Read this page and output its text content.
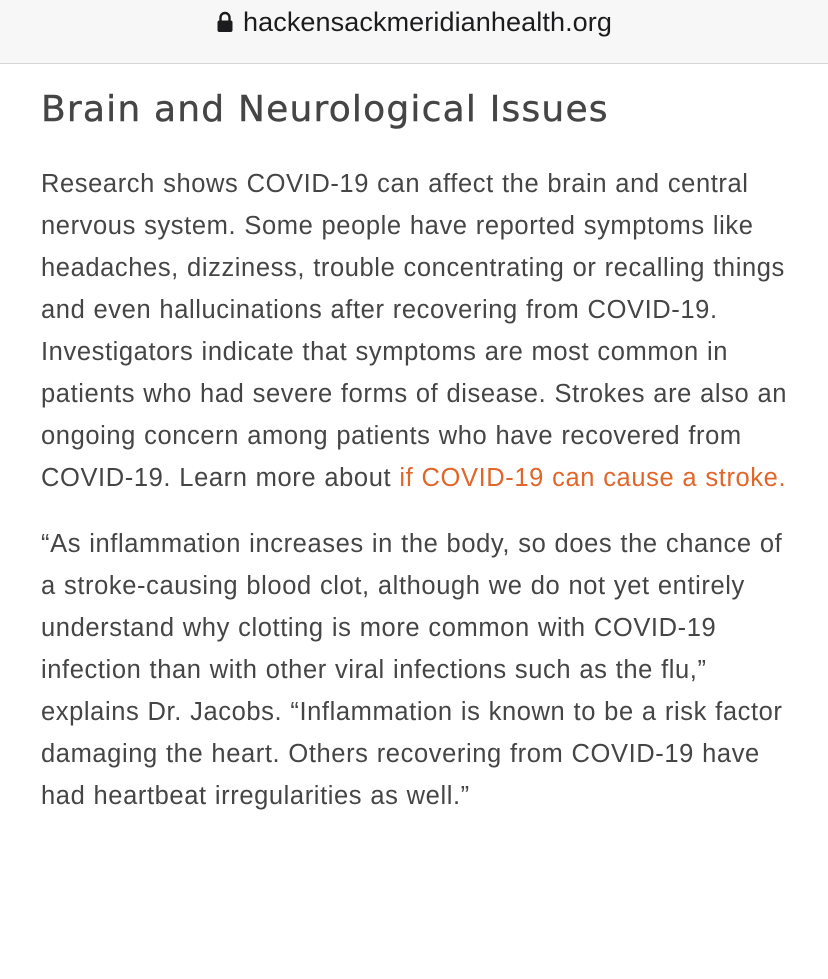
hackensackmeridianhealth.org
Brain and Neurological Issues

Research shows COVID-19 can affect the brain and central nervous system. Some people have reported symptoms like headaches, dizziness, trouble concentrating or recalling things and even hallucinations after recovering from COVID-19. Investigators indicate that symptoms are most common in patients who had severe forms of disease. Strokes are also an ongoing concern among patients who have recovered from COVID-19. Learn more about if COVID-19 can cause a stroke.

“As inflammation increases in the body, so does the chance of a stroke-causing blood clot, although we do not yet entirely understand why clotting is more common with COVID-19 infection than with other viral infections such as the flu,” explains Dr. Jacobs. “Inflammation is known to be a risk factor damaging the heart. Others recovering from COVID-19 have had heartbeat irregularities as well.”
